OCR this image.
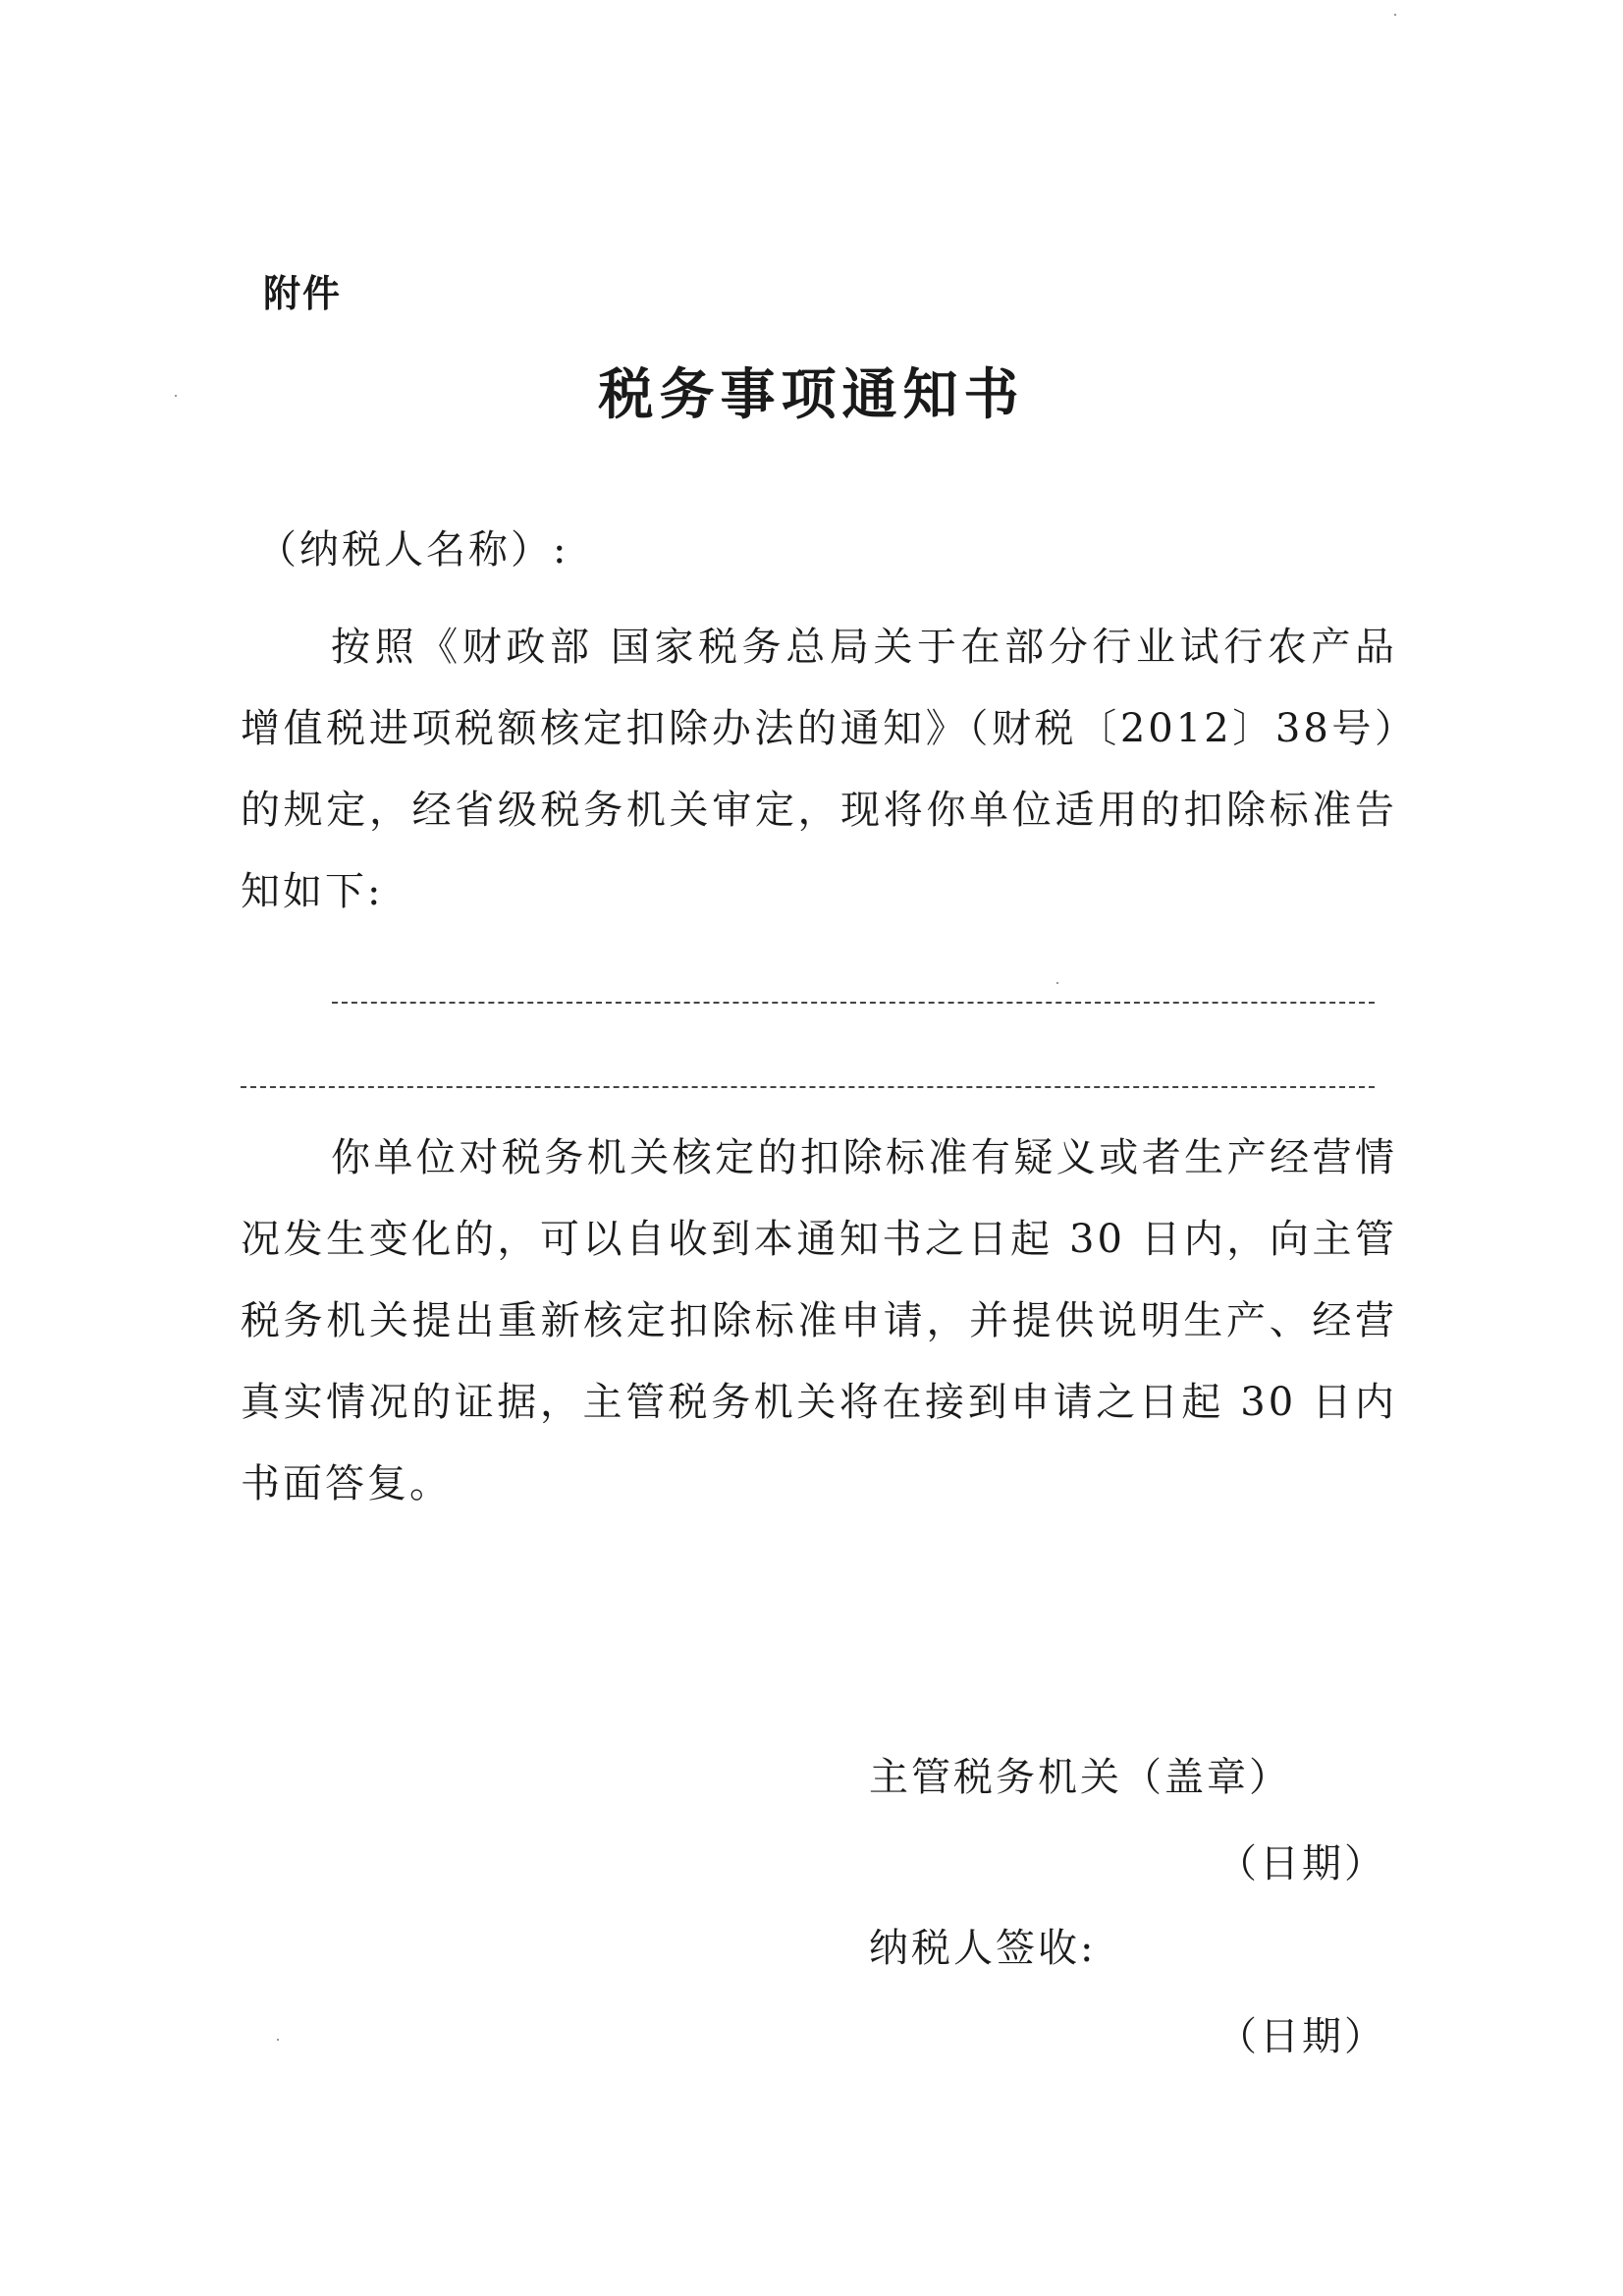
附件
税务事项通知书
（纳税人名称）:

按照《财政部 国家税务总局关于在部分行业试行农产品增值税进项税额核定扣除办法的通知》（财税〔2012〕38号）的规定，经省级税务机关审定，现将你单位适用的扣除标准告知如下:

你单位对税务机关核定的扣除标准有疑义或者生产经营情况发生变化的，可以自收到本通知书之日起 30 日内，向主管税务机关提出重新核定扣除标准申请，并提供说明生产、经营真实情况的证据，主管税务机关将在接到申请之日起 30 日内书面答复。

主管税务机关（盖章）
（日期）
纳税人签收:
（日期）
